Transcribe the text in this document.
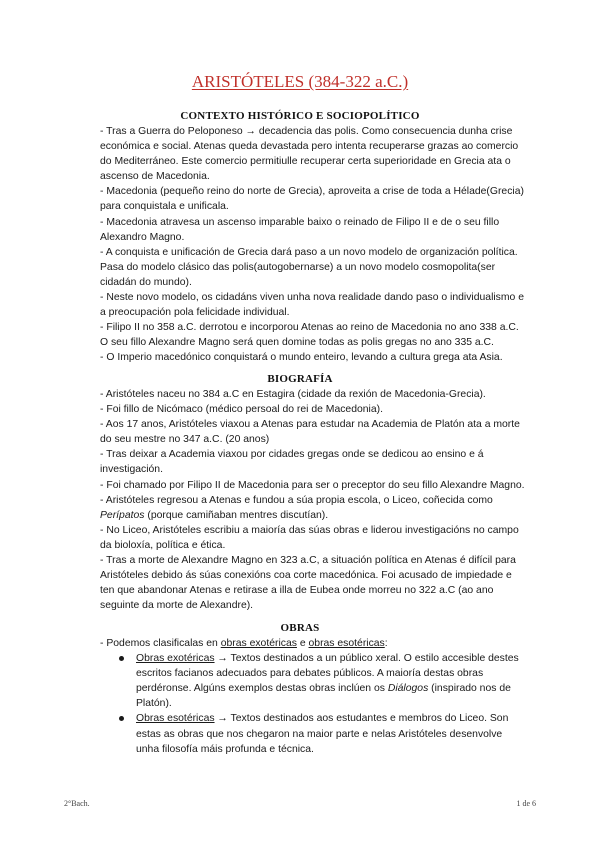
ARISTÓTELES (384-322 a.C.)
CONTEXTO HISTÓRICO E SOCIOPOLÍTICO

- Tras a Guerra do Peloponeso → decadencia das polis. Como consecuencia dunha crise económica e social. Atenas queda devastada pero intenta recuperarse grazas ao comercio do Mediterráneo. Este comercio permitiulle recuperar certa superioridade en Grecia ata o ascenso de Macedonia.

- Macedonia (pequeño reino do norte de Grecia), aproveita a crise de toda a Hélade(Grecia) para conquistala e unificala.

- Macedonia atravesa un ascenso imparable baixo o reinado de Filipo II e de o seu fillo Alexandro Magno.

- A conquista e unificación de Grecia dará paso a un novo modelo de organización política. Pasa do modelo clásico das polis(autogobernarse) a un novo modelo cosmopolita(ser cidadán do mundo).

- Neste novo modelo, os cidadáns viven unha nova realidade dando paso o individualismo e a preocupación pola felicidade individual.

- Filipo II no 358 a.C. derrotou e incorporou Atenas ao reino de Macedonia no ano 338 a.C. O seu fillo Alexandre Magno será quen domine todas as polis gregas no ano 335 a.C.

- O Imperio macedónico conquistará o mundo enteiro, levando a cultura grega ata Asia.

BIOGRAFÍA

- Aristóteles naceu no 384 a.C en Estagira (cidade da rexión de Macedonia-Grecia).

- Foi fillo de Nicómaco (médico persoal do rei de Macedonia).

- Aos 17 anos, Aristóteles viaxou a Atenas para estudar na Academia de Platón ata a morte do seu mestre no 347 a.C. (20 anos)

- Tras deixar a Academia viaxou por cidades gregas onde se dedicou ao ensino e á investigación.

- Foi chamado por Filipo II de Macedonia para ser o preceptor do seu fillo Alexandre Magno.

- Aristóteles regresou a Atenas e fundou a súa propia escola, o Liceo, coñecida como Perípatos (porque camiñaban mentres discutían).

- No Liceo, Aristóteles escribiu a maioría das súas obras e liderou investigacións no campo da bioloxía, política e ética.

- Tras a morte de Alexandre Magno en 323 a.C, a situación política en Atenas é difícil para Aristóteles debido ás súas conexións coa corte macedónica. Foi acusado de impiedade e ten que abandonar Atenas e retirase a illa de Eubea onde morreu no 322 a.C (ao ano seguinte da morte de Alexandre).

OBRAS

- Podemos clasificalas en obras exotéricas e obras esotéricas:

Obras exotéricas → Textos destinados a un público xeral. O estilo accesible destes escritos facianos adecuados para debates públicos. A maioría destas obras perdéronse. Algúns exemplos destas obras inclúen os Diálogos (inspirado nos de Platón).
Obras esotéricas → Textos destinados aos estudantes e membros do Liceo. Son estas as obras que nos chegaron na maior parte e nelas Aristóteles desenvolve unha filosofía máis profunda e técnica.
2°Bach.	1 de 6
